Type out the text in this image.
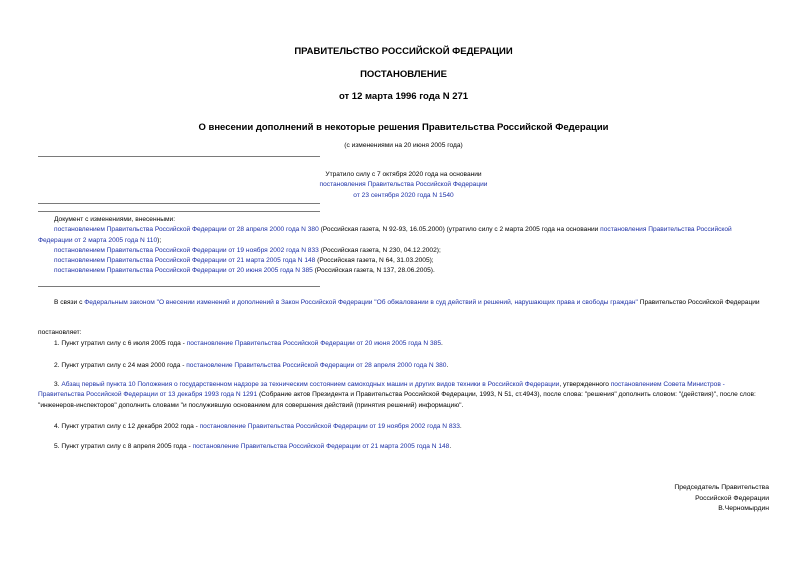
ПРАВИТЕЛЬСТВО РОССИЙСКОЙ ФЕДЕРАЦИИ
ПОСТАНОВЛЕНИЕ
от 12 марта 1996 года N 271
О внесении дополнений в некоторые решения Правительства Российской Федерации
(с изменениями на 20 июня 2005 года)
Утратило силу с 7 октября 2020 года на основании
постановления Правительства Российской Федерации
от 23 сентября 2020 года N 1540
Документ с изменениями, внесенными:
постановлением Правительства Российской Федерации от 28 апреля 2000 года N 380 (Российская газета, N 92-93, 16.05.2000) (утратило силу с 2 марта 2005 года на основании постановления Правительства Российской Федерации от 2 марта 2005 года N 110);
постановлением Правительства Российской Федерации от 19 ноября 2002 года N 833 (Российская газета, N 230, 04.12.2002);
постановлением Правительства Российской Федерации от 21 марта 2005 года N 148 (Российская газета, N 64, 31.03.2005);
постановлением Правительства Российской Федерации от 20 июня 2005 года N 385 (Российская газета, N 137, 28.06.2005).
В связи с Федеральным законом "О внесении изменений и дополнений в Закон Российской Федерации "Об обжаловании в суд действий и решений, нарушающих права и свободы граждан" Правительство Российской Федерации
постановляет:
1. Пункт утратил силу с 6 июля 2005 года - постановление Правительства Российской Федерации от 20 июня 2005 года N 385.
2. Пункт утратил силу с 24 мая 2000 года - постановление Правительства Российской Федерации от 28 апреля 2000 года N 380.
3. Абзац первый пункта 10 Положения о государственном надзоре за техническим состоянием самоходных машин и других видов техники в Российской Федерации, утвержденного постановлением Совета Министров - Правительства Российской Федерации от 13 декабря 1993 года N 1291 (Собрание актов Президента и Правительства Российской Федерации, 1993, N 51, ст.4943), после слова: "решения" дополнить словом: "(действия)", после слов: "инженеров-инспекторов" дополнить словами "и послужившую основанием для совершения действий (принятия решений) информацию".
4. Пункт утратил силу с 12 декабря 2002 года - постановление Правительства Российской Федерации от 19 ноября 2002 года N 833.
5. Пункт утратил силу с 8 апреля 2005 года - постановление Правительства Российской Федерации от 21 марта 2005 года N 148.
Председатель Правительства
Российской Федерации
В.Черномырдин
